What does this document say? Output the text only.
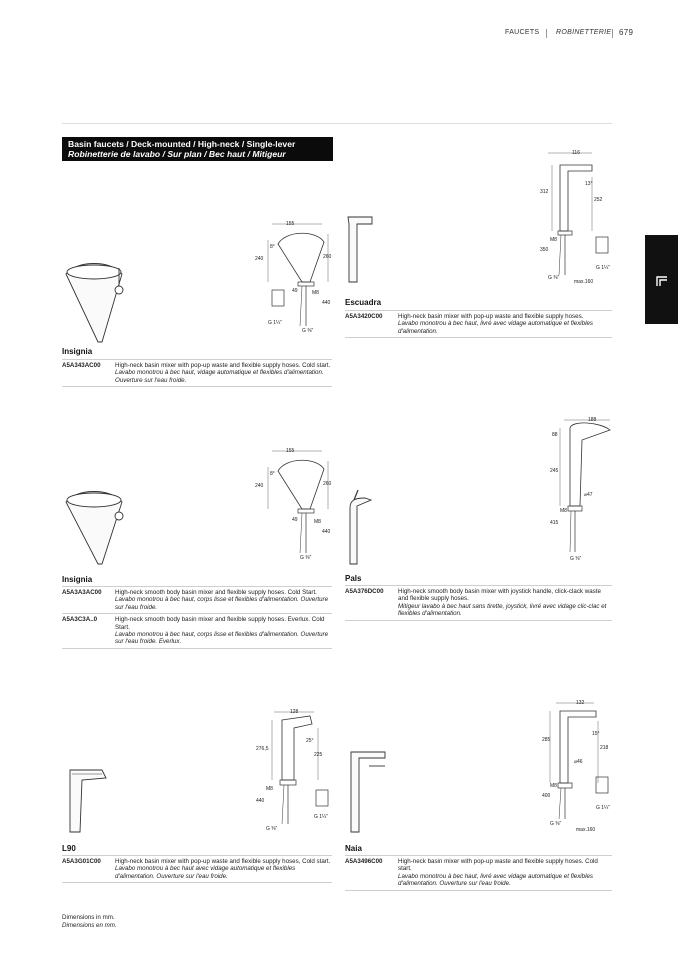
FAUCETS ROBINETTERIE 679
Basin faucets / Deck-mounted / High-neck / Single-lever
Robinetterie de lavabo / Sur plan / Bec haut / Mitigeur
155
8°
240	260
49	M8
440
G 1¼"
G ⅜"
Insignia
A5A343AC00	High-neck basin mixer with pop-up waste and flexible supply hoses. Cold start.
Lavabo monotrou à bec haut, vidage automatique et flexibles d'alimentation. Ouverture sur l'eau froide.
116
13°
312
252
M8
350
G ⅜"
G 1¼"
max.160
Escuadra
A5A3420C00	High-neck basin mixer with pop-up waste and flexible supply hoses.
Lavabo monotrou à bec haut, livré avec vidage automatique et flexibles d'alimentation.
155
8°
240	260
49	M8
440
G ⅜"
Insignia
A5A3A3AC00	High-neck smooth body basin mixer and flexible supply hoses. Cold Start.
Lavabo monotrou à bec haut, corps lisse et flexibles d'alimentation. Ouverture sur l'eau froide.

A5A3C3A..0	High-neck smooth body basin mixer and flexible supply hoses. Everlux. Cold Start.
Lavabo monotrou à bec haut, corps lisse et flexibles d'alimentation. Ouverture sur l'eau froide. Everlux.
188
88
245
⌀47
M8
415
G ⅜"
Pals
A5A376DC00	High-neck smooth body basin mixer with joystick handle, click-clack waste and flexible supply hoses.
Mitigeur lavabo à bec haut sans tirette, joystick, livré avec vidage clic-clac et flexibles d'alimentation.
128
25°
276,5
225
M8
440
G ⅜"
G 1¼"
L90
A5A3G01C00	High-neck basin mixer with pop-up waste and flexible supply hoses, Cold start.
Lavabo monotrou à bec haut avec vidage automatique et flexibles d'alimentation. Ouverture sur l'eau froide.
132
15°
285
218
⌀46
M8
400
G ⅜"
G 1¼"
max.160
Naia
A5A3496C00	High-neck basin mixer with pop-up waste and flexible supply hoses. Cold start.
Lavabo monotrou à bec haut, livré avec vidage automatique et flexibles d'alimentation. Ouverture sur l'eau froide.
Dimensions in mm.
Dimensions en mm.
